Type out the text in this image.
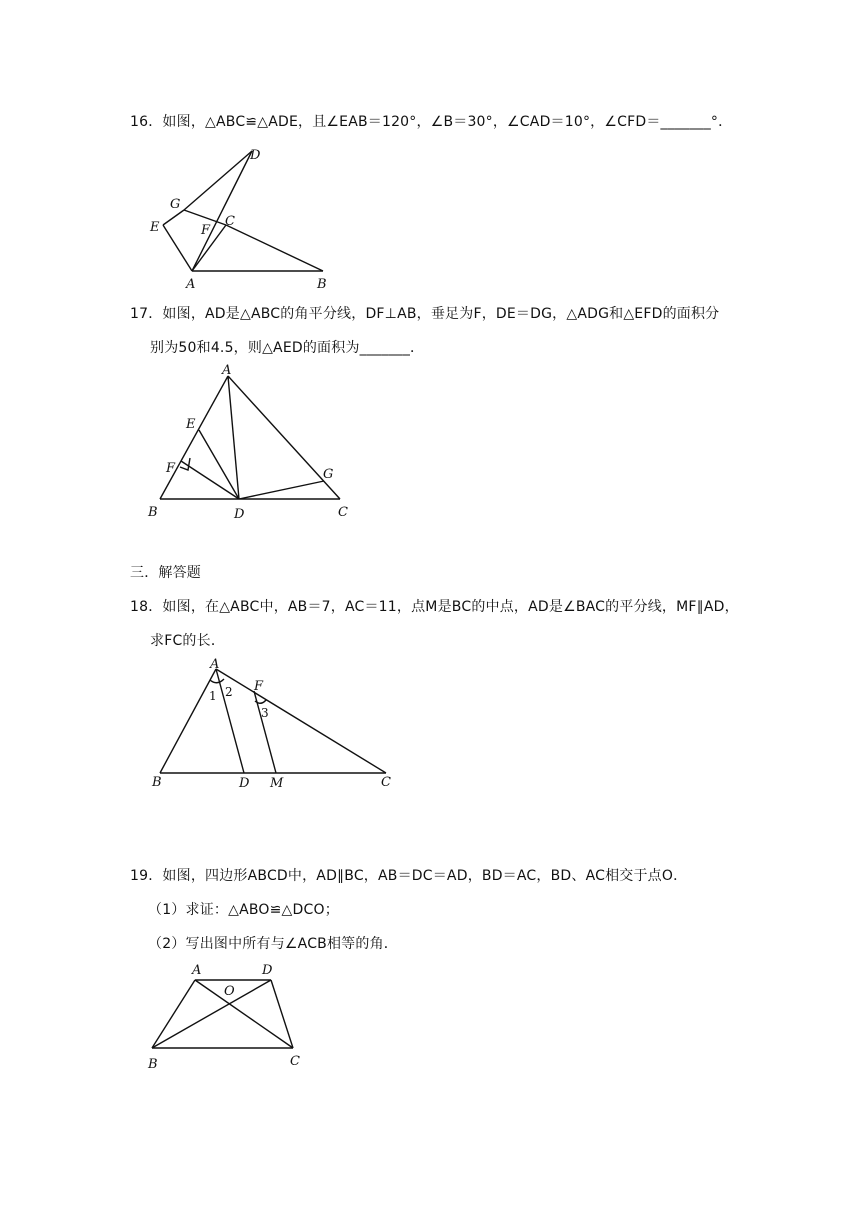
16．如图，△ABC≌△ADE，且∠EAB＝120°，∠B＝30°，∠CAD＝10°，∠CFD＝_______°．
D
G
E	F
C
A	B
17．如图，AD是△ABC的角平分线，DF⊥AB，垂足为F，DE＝DG，△ADG和△EFD的面积分
别为50和4.5，则△AED的面积为_______．
A
E
F	G
B	D	C
三．解答题
18．如图，在△ABC中，AB＝7，AC＝11，点M是BC的中点，AD是∠BAC的平分线，MF∥AD，
求FC的长．
A
F
1 2
3
B	D M	C
19．如图，四边形ABCD中，AD∥BC，AB＝DC＝AD，BD＝AC，BD、AC相交于点O．
（1）求证：△ABO≌△DCO；
（2）写出图中所有与∠ACB相等的角．
A	D
O
B	C
